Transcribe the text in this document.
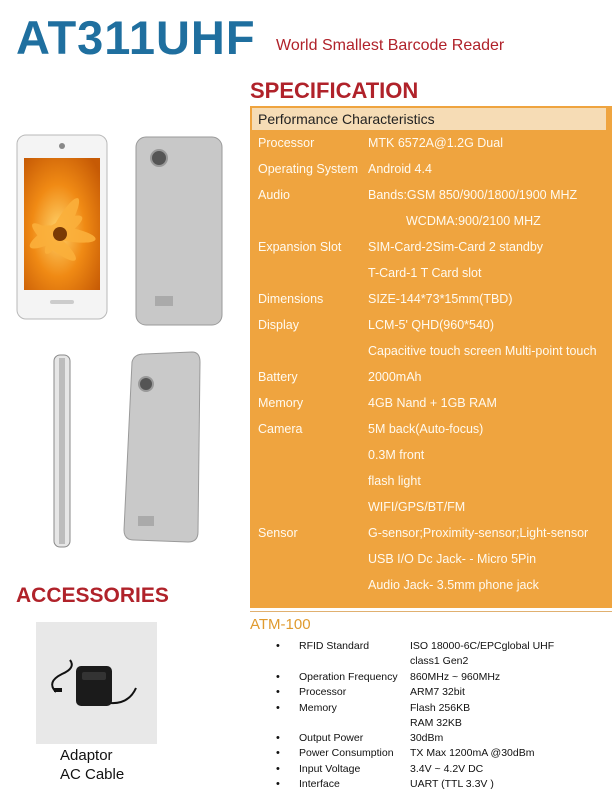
AT311UHF World Smallest Barcode Reader
SPECIFICATION
Performance Characteristics
Processor	MTK 6572A@1.2G Dual
Operating System Android 4.4
Audio	Bands:GSM 850/900/1800/1900 MHZ
WCDMA:900/2100 MHZ
Expansion Slot SIM-Card-2Sim-Card 2 standby
T-Card-1 T Card slot
Dimensions	SIZE-144*73*15mm(TBD)
Display	LCM-5' QHD(960*540)
Capacitive touch screen Multi-point touch
Battery	2000mAh
Memory	4GB Nand + 1GB RAM
Camera	5M back(Auto-focus)
0.3M front
flash light
WIFI/GPS/BT/FM
Sensor	G-sensor;Proximity-sensor;Light-sensor
USB I/O Dc Jack- - Micro 5Pin
Audio Jack- 3.5mm phone jack
ACCESSORIES
Adaptor
AC Cable
ATM-100
• RFID Standard	ISO 18000-6C/EPCglobal UHF
class1 Gen2
• Operation Frequency 860MHz ~ 960MHz
• Processor	ARM7 32bit
• Memory	Flash 256KB
RAM 32KB
• Output Power	30dBm
• Power Consumption TX Max 1200mA @30dBm
• Input Voltage	3.4V ~ 4.2V DC
• Interface	UART (TTL 3.3V )
